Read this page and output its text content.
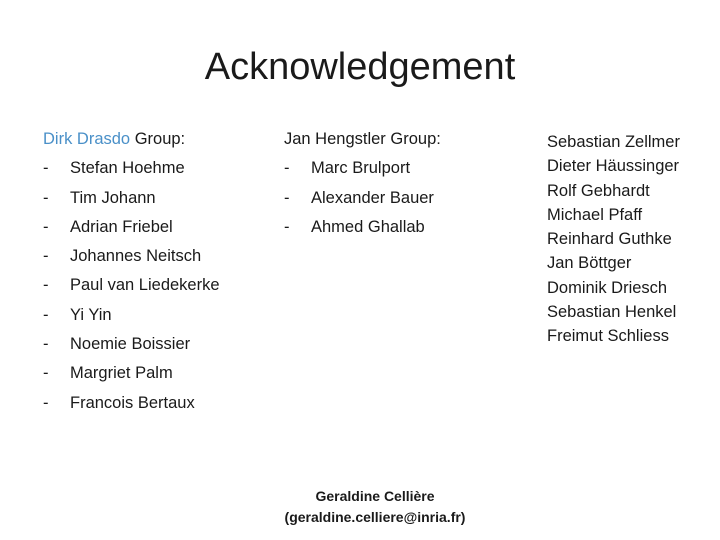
Acknowledgement
Dirk Drasdo Group:
-	Stefan Hoehme
-	Tim Johann
-	Adrian Friebel
-	Johannes Neitsch
-	Paul van Liedekerke
-	Yi Yin
-	Noemie Boissier
-	Margriet Palm
-	Francois Bertaux
Jan Hengstler Group:
-	Marc Brulport
-	Alexander Bauer
-	Ahmed Ghallab
Sebastian Zellmer
Dieter Häussinger
Rolf Gebhardt
Michael Pfaff
Reinhard Guthke
Jan Böttger
Dominik Driesch
Sebastian Henkel
Freimut Schliess
Geraldine Cellière
(geraldine.celliere@inria.fr)
